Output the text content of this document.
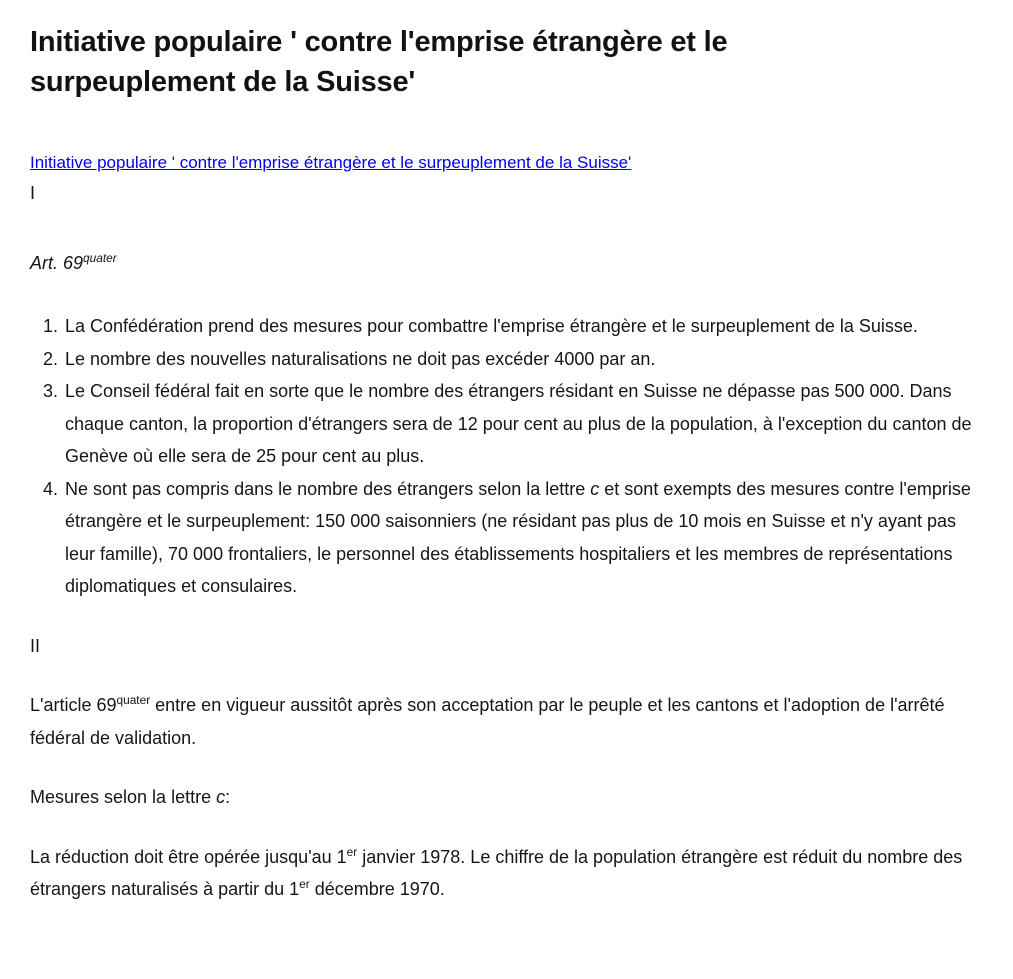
Initiative populaire ' contre l'emprise étrangère et le surpeuplement de la Suisse'
Initiative populaire ' contre l'emprise étrangère et le surpeuplement de la Suisse'
I
Art. $69^{quater}$
1. La Confédération prend des mesures pour combattre l'emprise étrangère et le surpeuplement de la Suisse.
2. Le nombre des nouvelles naturalisations ne doit pas excéder 4000 par an.
3. Le Conseil fédéral fait en sorte que le nombre des étrangers résidant en Suisse ne dépasse pas 500 000. Dans chaque canton, la proportion d'étrangers sera de 12 pour cent au plus de la population, à l'exception du canton de Genève où elle sera de 25 pour cent au plus.
4. Ne sont pas compris dans le nombre des étrangers selon la lettre c et sont exempts des mesures contre l'emprise étrangère et le surpeuplement: 150 000 saisonniers (ne résidant pas plus de 10 mois en Suisse et n'y ayant pas leur famille), 70 000 frontaliers, le personnel des établissements hospitaliers et les membres de représentations diplomatiques et consulaires.
II

L'article $69^{quater}$ entre en vigueur aussitôt après son acceptation par le peuple et les cantons et l'adoption de l'arrêté fédéral de validation.

Mesures selon la lettre c:

La réduction doit être opérée jusqu'au 1er janvier 1978. Le chiffre de la population étrangère est réduit du nombre des étrangers naturalisés à partir du 1er décembre 1970.
